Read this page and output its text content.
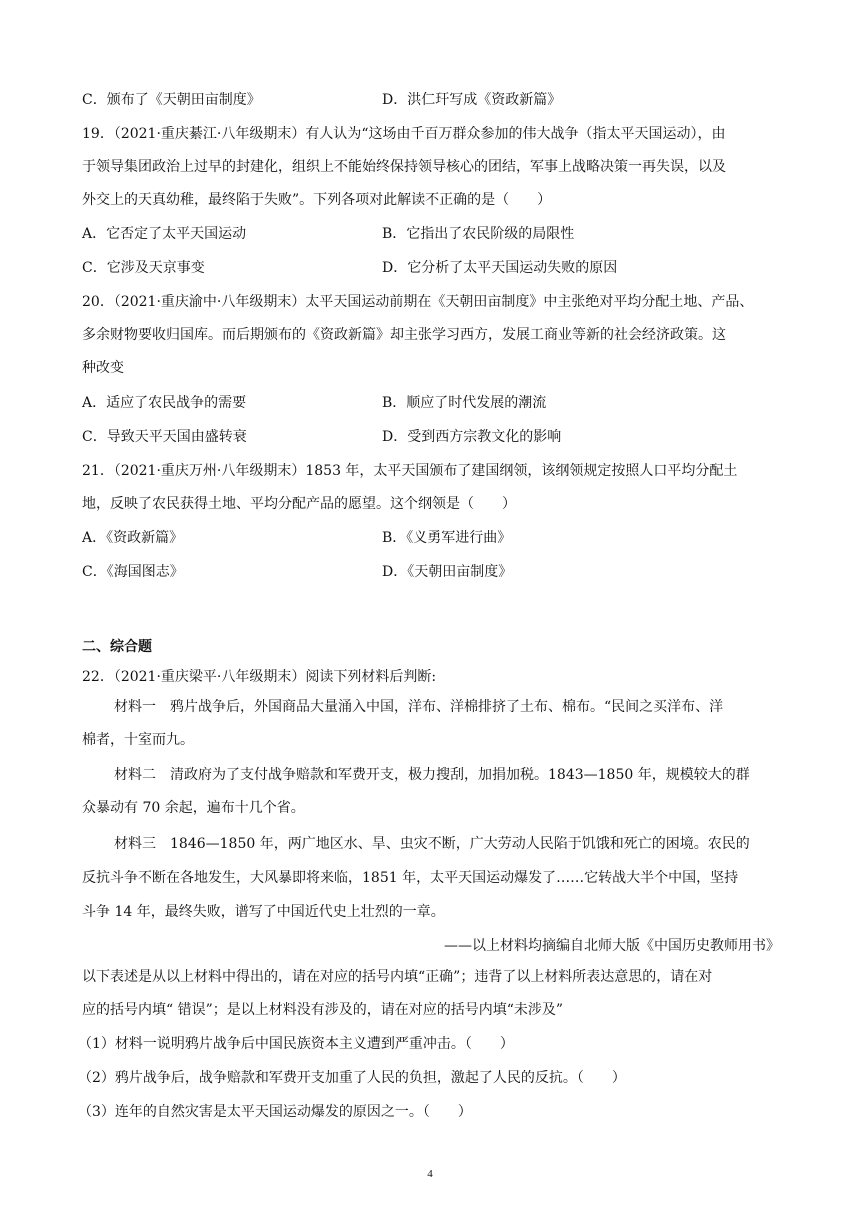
C．颁布了《天朝田亩制度》	D．洪仁玕写成《资政新篇》
19．（2021·重庆綦江·八年级期末）有人认为“这场由千百万群众参加的伟大战争（指太平天国运动），由
于领导集团政治上过早的封建化，组织上不能始终保持领导核心的团结，军事上战略决策一再失误，以及
外交上的天真幼稚，最终陷于失败”。下列各项对此解读不正确的是（　　）
A．它否定了太平天国运动	B．它指出了农民阶级的局限性
C．它涉及天京事变	D．它分析了太平天国运动失败的原因
20．（2021·重庆渝中·八年级期末）太平天国运动前期在《天朝田亩制度》中主张绝对平均分配土地、产品、
多余财物要收归国库。而后期颁布的《资政新篇》却主张学习西方，发展工商业等新的社会经济政策。这
种改变
A．适应了农民战争的需要	B．顺应了时代发展的潮流
C．导致天平天国由盛转衰	D．受到西方宗教文化的影响
21．（2021·重庆万州·八年级期末）1853 年，太平天国颁布了建国纲领，该纲领规定按照人口平均分配土
地，反映了农民获得土地、平均分配产品的愿望。这个纲领是（　　）
A．《资政新篇》	B．《义勇军进行曲》
C．《海国图志》	D．《天朝田亩制度》
二、综合题
22．（2021·重庆梁平·八年级期末）阅读下列材料后判断:
材料一　鸦片战争后，外国商品大量涌入中国，洋布、洋棉排挤了土布、棉布。“民间之买洋布、洋
棉者，十室而九。
材料二　清政府为了支付战争赔款和军费开支，极力搜刮，加捐加税。1843—1850 年，规模较大的群
众暴动有 70 余起，遍布十几个省。
材料三　1846—1850 年，两广地区水、旱、虫灾不断，广大劳动人民陷于饥饿和死亡的困境。农民的
反抗斗争不断在各地发生，大风暴即将来临，1851 年，太平天国运动爆发了……它转战大半个中国，坚持
斗争 14 年，最终失败，谱写了中国近代史上壮烈的一章。
——以上材料均摘编自北师大版《中国历史教师用书》
以下表述是从以上材料中得出的，请在对应的括号内填“正确”；违背了以上材料所表达意思的，请在对
应的括号内填“ 错误”；是以上材料没有涉及的，请在对应的括号内填“未涉及”
（1）材料一说明鸦片战争后中国民族资本主义遭到严重冲击。（　　）
（2）鸦片战争后，战争赔款和军费开支加重了人民的负担，激起了人民的反抗。（　　）
（3）连年的自然灾害是太平天国运动爆发的原因之一。（　　）
4
